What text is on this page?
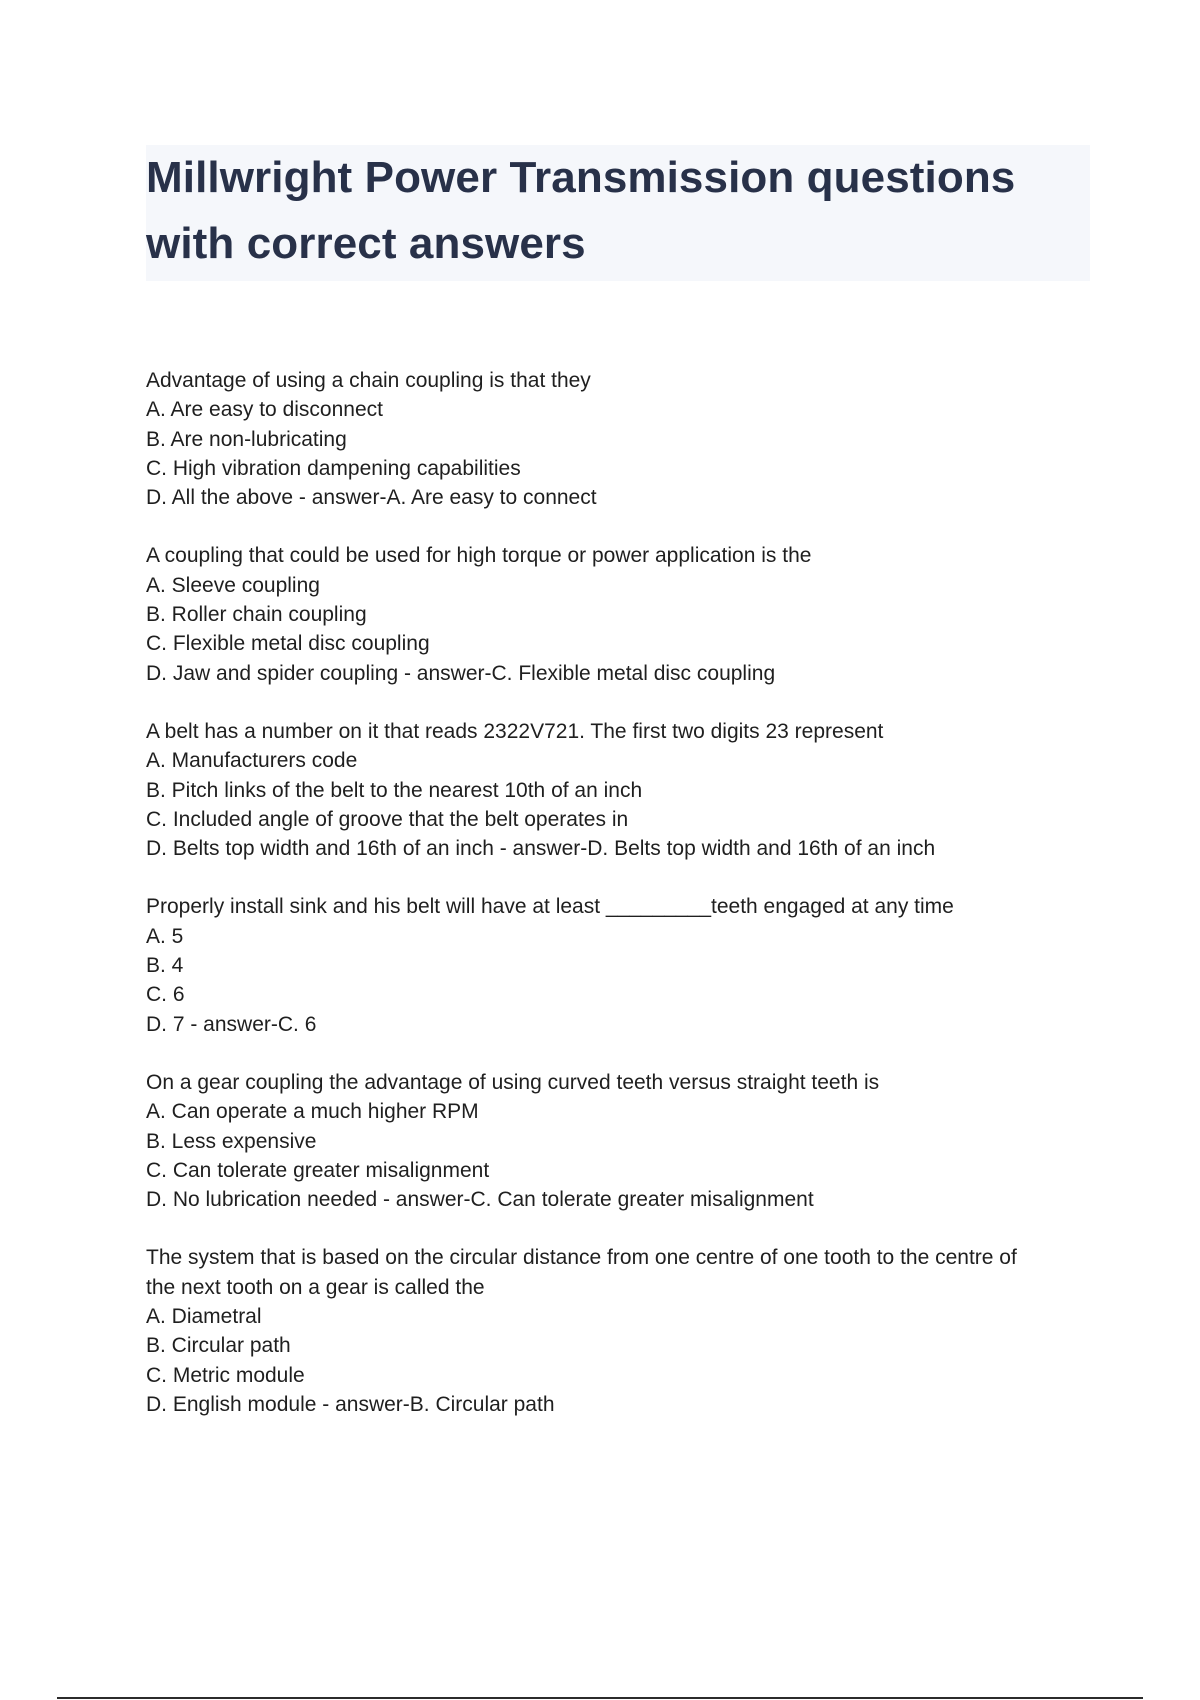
Millwright Power Transmission questions with correct answers
Advantage of using a chain coupling is that they
A. Are easy to disconnect
B. Are non-lubricating
C. High vibration dampening capabilities
D. All the above - answer-A. Are easy to connect
A coupling that could be used for high torque or power application is the
A. Sleeve coupling
B. Roller chain coupling
C. Flexible metal disc coupling
D. Jaw and spider coupling - answer-C. Flexible metal disc coupling
A belt has a number on it that reads 2322V721. The first two digits 23 represent
A. Manufacturers code
B. Pitch links of the belt to the nearest 10th of an inch
C. Included angle of groove that the belt operates in
D. Belts top width and 16th of an inch - answer-D. Belts top width and 16th of an inch
Properly install sink and his belt will have at least _________teeth engaged at any time
A. 5
B. 4
C. 6
D. 7 - answer-C. 6
On a gear coupling the advantage of using curved teeth versus straight teeth is
A. Can operate a much higher RPM
B. Less expensive
C. Can tolerate greater misalignment
D. No lubrication needed - answer-C. Can tolerate greater misalignment
The system that is based on the circular distance from one centre of one tooth to the centre of
the next tooth on a gear is called the
A. Diametral
B. Circular path
C. Metric module
D. English module - answer-B. Circular path
